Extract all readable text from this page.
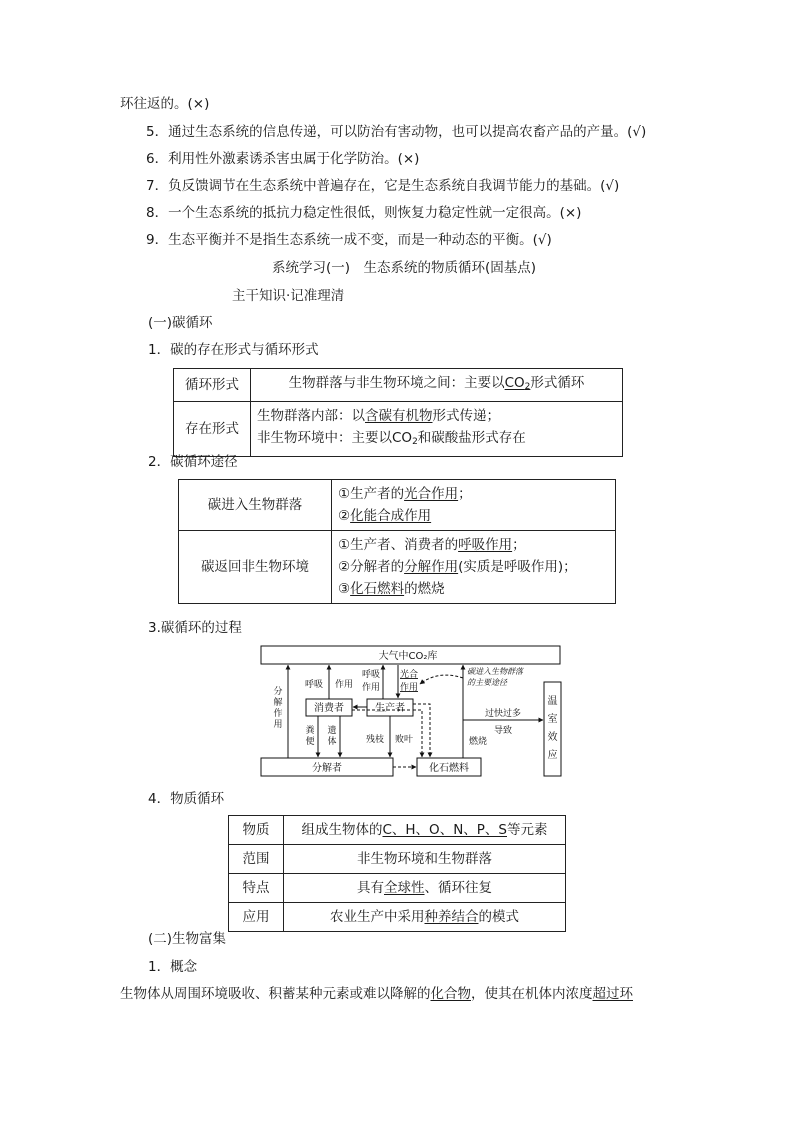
环往返的。(×)
5．通过生态系统的信息传递，可以防治有害动物，也可以提高农畜产品的产量。(√)
6．利用性外激素诱杀害虫属于化学防治。(×)
7．负反馈调节在生态系统中普遍存在，它是生态系统自我调节能力的基础。(√)
8．一个生态系统的抵抗力稳定性很低，则恢复力稳定性就一定很高。(×)
9．生态平衡并不是指生态系统一成不变，而是一种动态的平衡。(√)
系统学习(一)　生态系统的物质循环(固基点)
主干知识·记准理清
(一)碳循环
1．碳的存在形式与循环形式
循环形式	生物群落与非生物环境之间：主要以$CO_2$形式循环
存在形式	生物群落内部：以含碳有机物形式传递；
非生物环境中：主要以$CO_2$和碳酸盐形式存在
2．碳循环途径
碳进入生物群落	①生产者的光合作用；
②化能合成作用

碳返回非生物环境	①生产者、消费者的呼吸作用；
②分解者的分解作用(实质是呼吸作用)；
③化石燃料的燃烧
3.碳循环的过程
大气中CO₂库
消费者	生产者
分解者	化石燃料
温
室
效
应
分
解
作
用
呼吸 作用
呼吸
作用
光合
作用
碳进入生物群落
的主要途径
粪
便
遗
体	残枝 败叶	燃烧
过快过多
导致
4．物质循环
物质	组成生物体的C、H、O、N、P、S等元素
范围	非生物环境和生物群落
特点	具有全球性、循环往复
应用	农业生产中采用种养结合的模式
(二)生物富集
1．概念
生物体从周围环境吸收、积蓄某种元素或难以降解的化合物，使其在机体内浓度超过环
